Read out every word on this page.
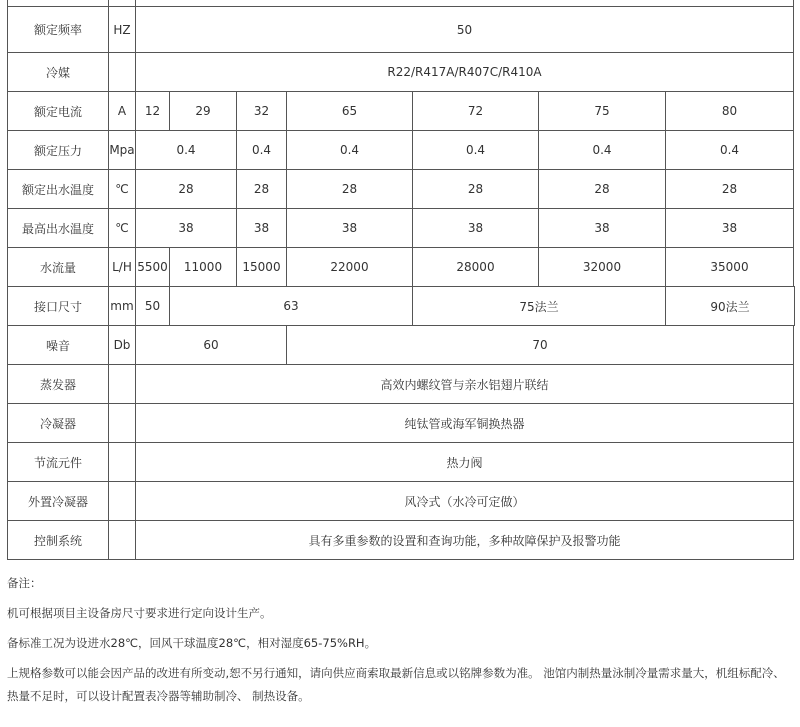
额定频率	HZ	50						
冷媒		R22/R417A/R407C/R410A						
额定电流	A	12	29	32	65	72	75	80
额定压力	Mpa	0.4		0.4	0.4	0.4	0.4	0.4
额定出水温度	℃	28		28	28	28	28	28
最高出水温度	℃	38		38	38	38	38	38
水流量	L/H	5500	11000	15000	22000	28000	32000	35000
接口尺寸	mm	50	63			75法兰		90法兰
噪音	Db	60			70			
蒸发器		高效内螺纹管与亲水铝翅片联结						
冷凝器		纯钛管或海军铜换热器						
节流元件		热力阀						
外置冷凝器		风冷式（水冷可定做）						
控制系统		具有多重参数的设置和查询功能，多种故障保护及报警功能						
备注：
机可根据项目主设备房尺寸要求进行定向设计生产。
备标准工况为设进水28℃，回风干球温度28℃，相对湿度65-75%RH。
上规格参数可以能会因产品的改进有所变动,恕不另行通知，请向供应商索取最新信息或以铭牌参数为准。 池馆内制热量泳制冷量需求量大，机组标配冷、
热量不足时，可以设计配置表冷器等辅助制冷、 制热设备。
